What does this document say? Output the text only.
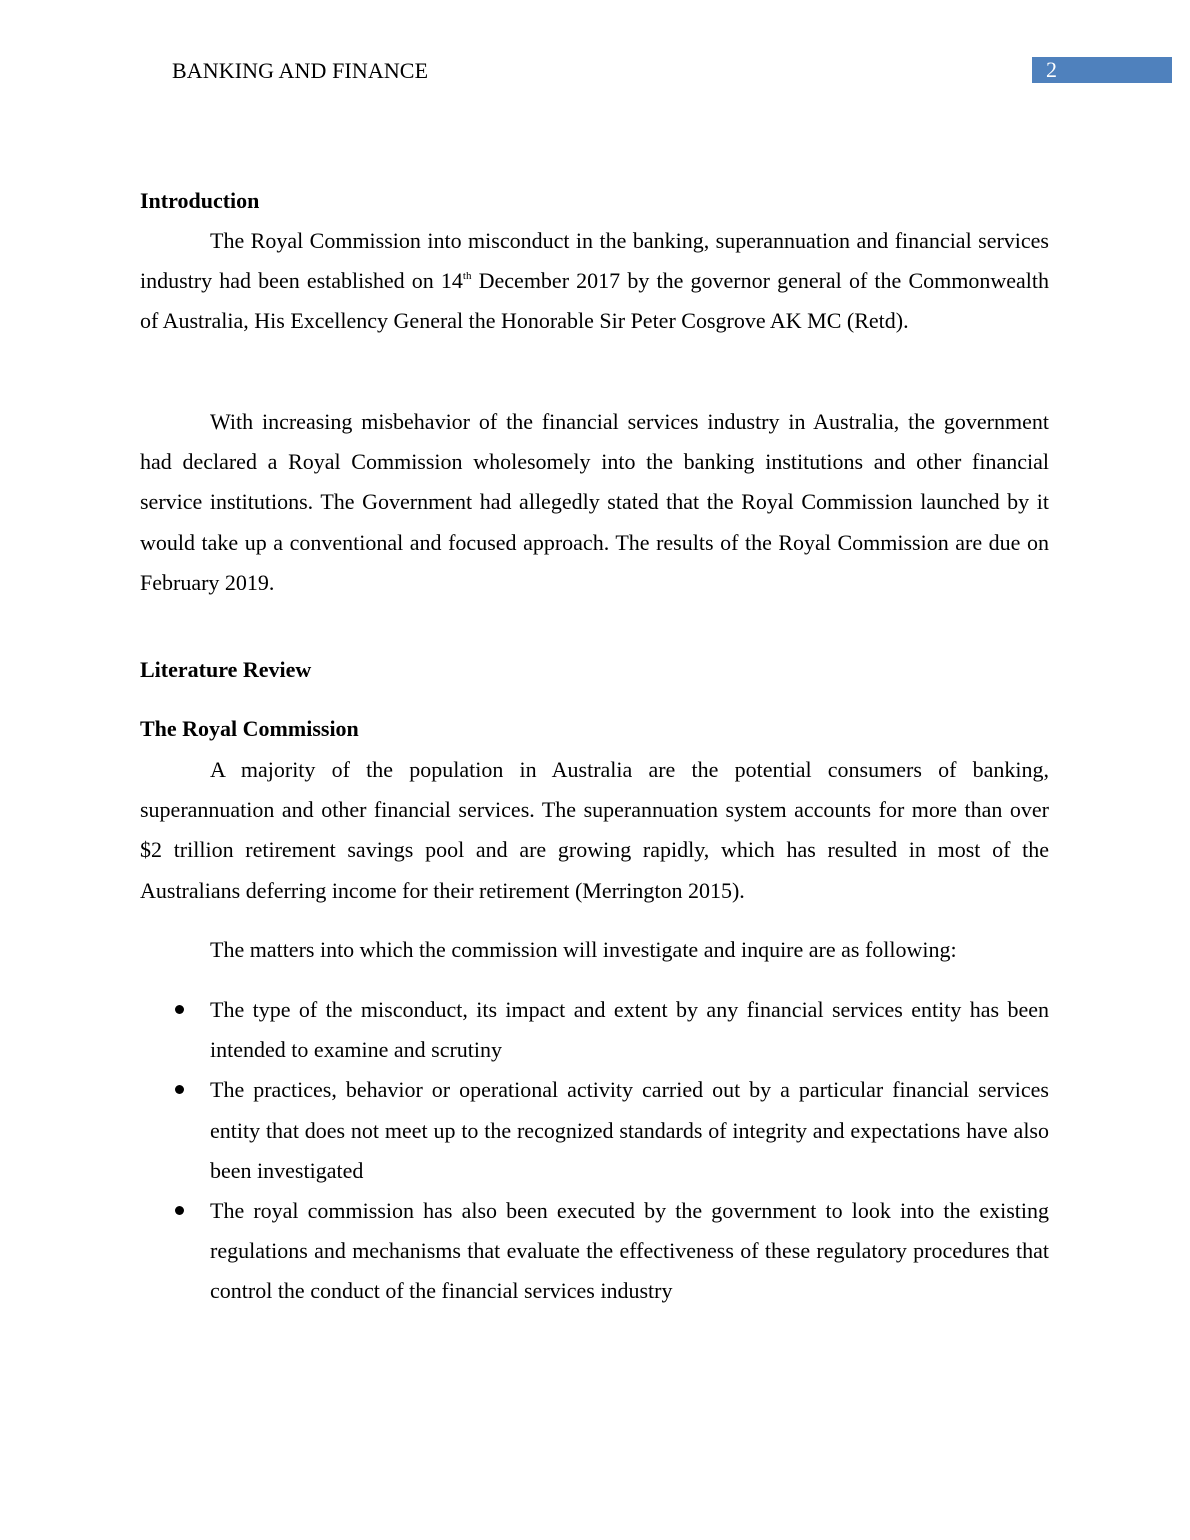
BANKING AND FINANCE	2
Introduction

The Royal Commission into misconduct in the banking, superannuation and financial services industry had been established on 14th December 2017 by the governor general of the Commonwealth of Australia, His Excellency General the Honorable Sir Peter Cosgrove AK MC (Retd).

With increasing misbehavior of the financial services industry in Australia, the government had declared a Royal Commission wholesomely into the banking institutions and other financial service institutions. The Government had allegedly stated that the Royal Commission launched by it would take up a conventional and focused approach. The results of the Royal Commission are due on February 2019.

Literature Review
The Royal Commission

A majority of the population in Australia are the potential consumers of banking, superannuation and other financial services. The superannuation system accounts for more than over $2 trillion retirement savings pool and are growing rapidly, which has resulted in most of the Australians deferring income for their retirement (Merrington 2015).

The matters into which the commission will investigate and inquire are as following:

The type of the misconduct, its impact and extent by any financial services entity has been intended to examine and scrutiny
The practices, behavior or operational activity carried out by a particular financial services entity that does not meet up to the recognized standards of integrity and expectations have also been investigated
The royal commission has also been executed by the government to look into the existing regulations and mechanisms that evaluate the effectiveness of these regulatory procedures that control the conduct of the financial services industry
